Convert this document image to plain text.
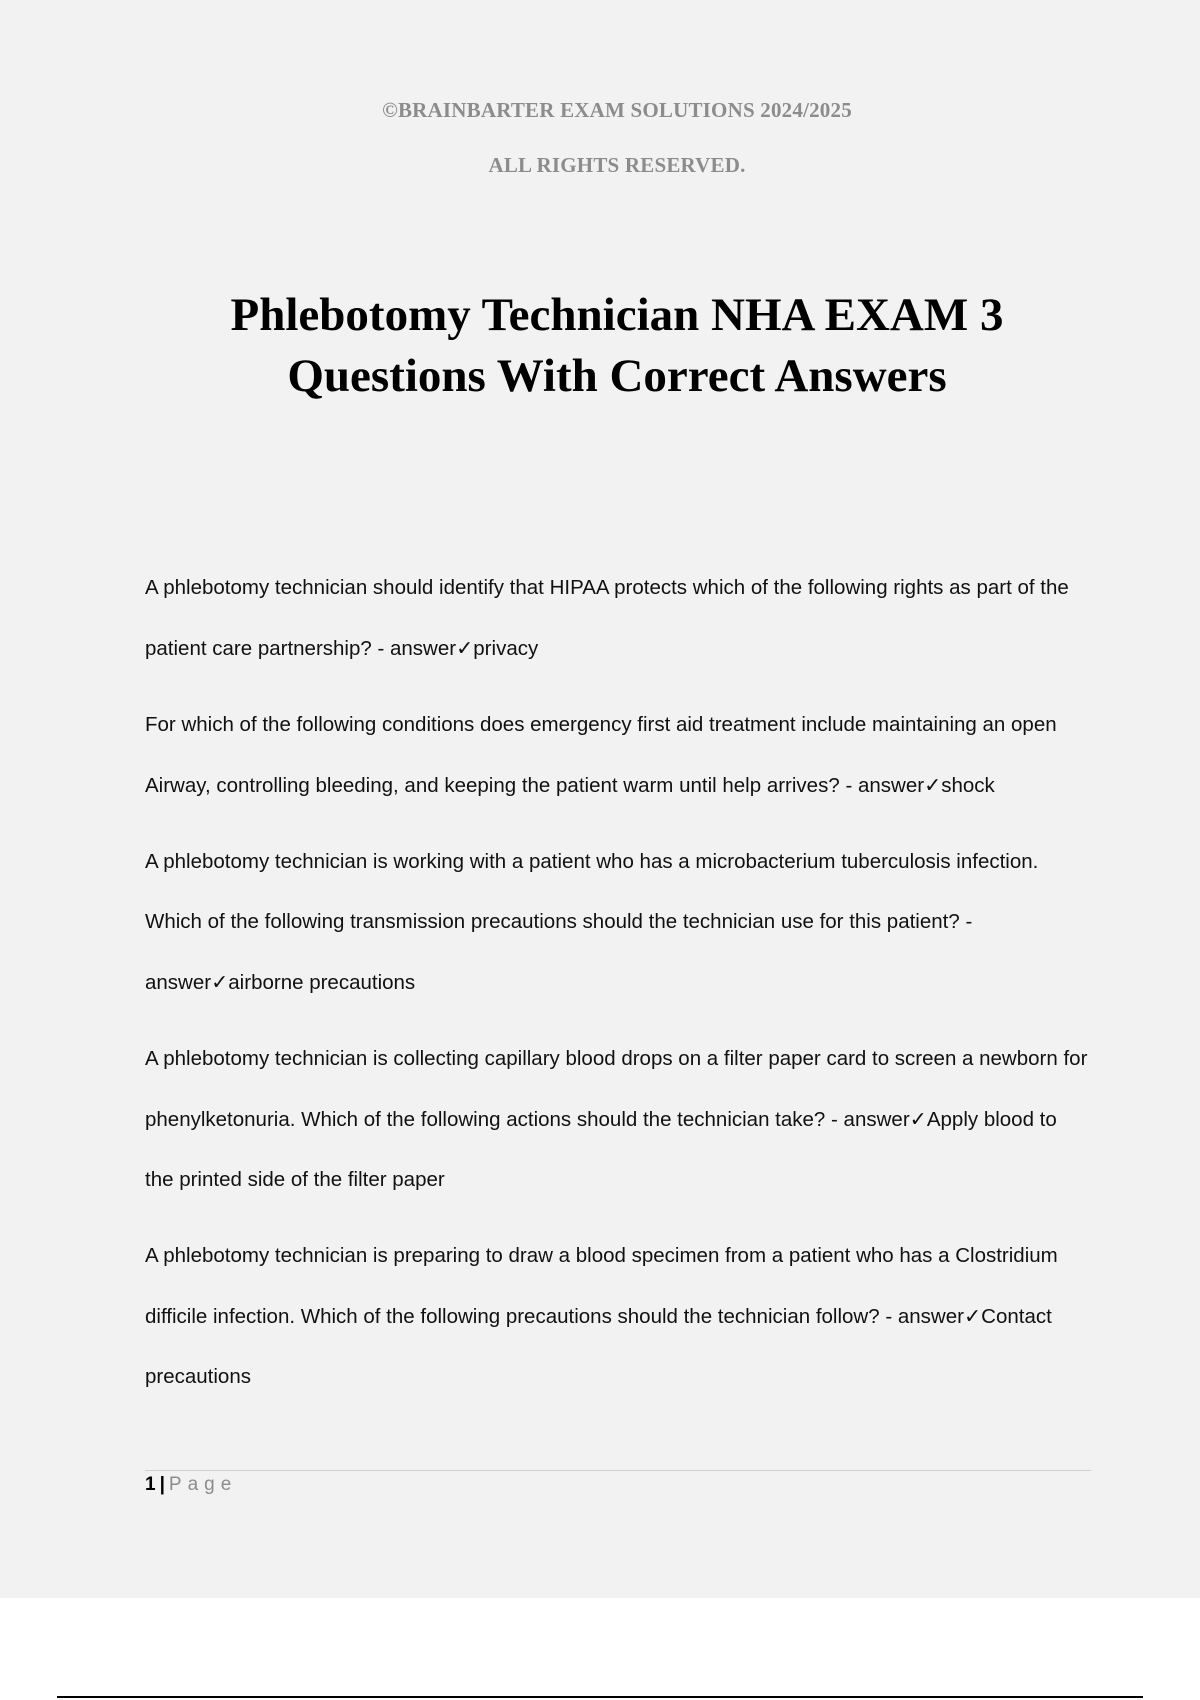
©BRAINBARTER EXAM SOLUTIONS 2024/2025
ALL RIGHTS RESERVED.
Phlebotomy Technician NHA EXAM 3
Questions With Correct Answers

A phlebotomy technician should identify that HIPAA protects which of the following rights as part of the patient care partnership? - answer✓privacy

For which of the following conditions does emergency first aid treatment include maintaining an open Airway, controlling bleeding, and keeping the patient warm until help arrives? - answer✓shock

A phlebotomy technician is working with a patient who has a microbacterium tuberculosis infection. Which of the following transmission precautions should the technician use for this patient? - answer✓airborne precautions

A phlebotomy technician is collecting capillary blood drops on a filter paper card to screen a newborn for phenylketonuria. Which of the following actions should the technician take? - answer✓Apply blood to the printed side of the filter paper

A phlebotomy technician is preparing to draw a blood specimen from a patient who has a Clostridium difficile infection. Which of the following precautions should the technician follow? - answer✓Contact precautions

1 | Page
